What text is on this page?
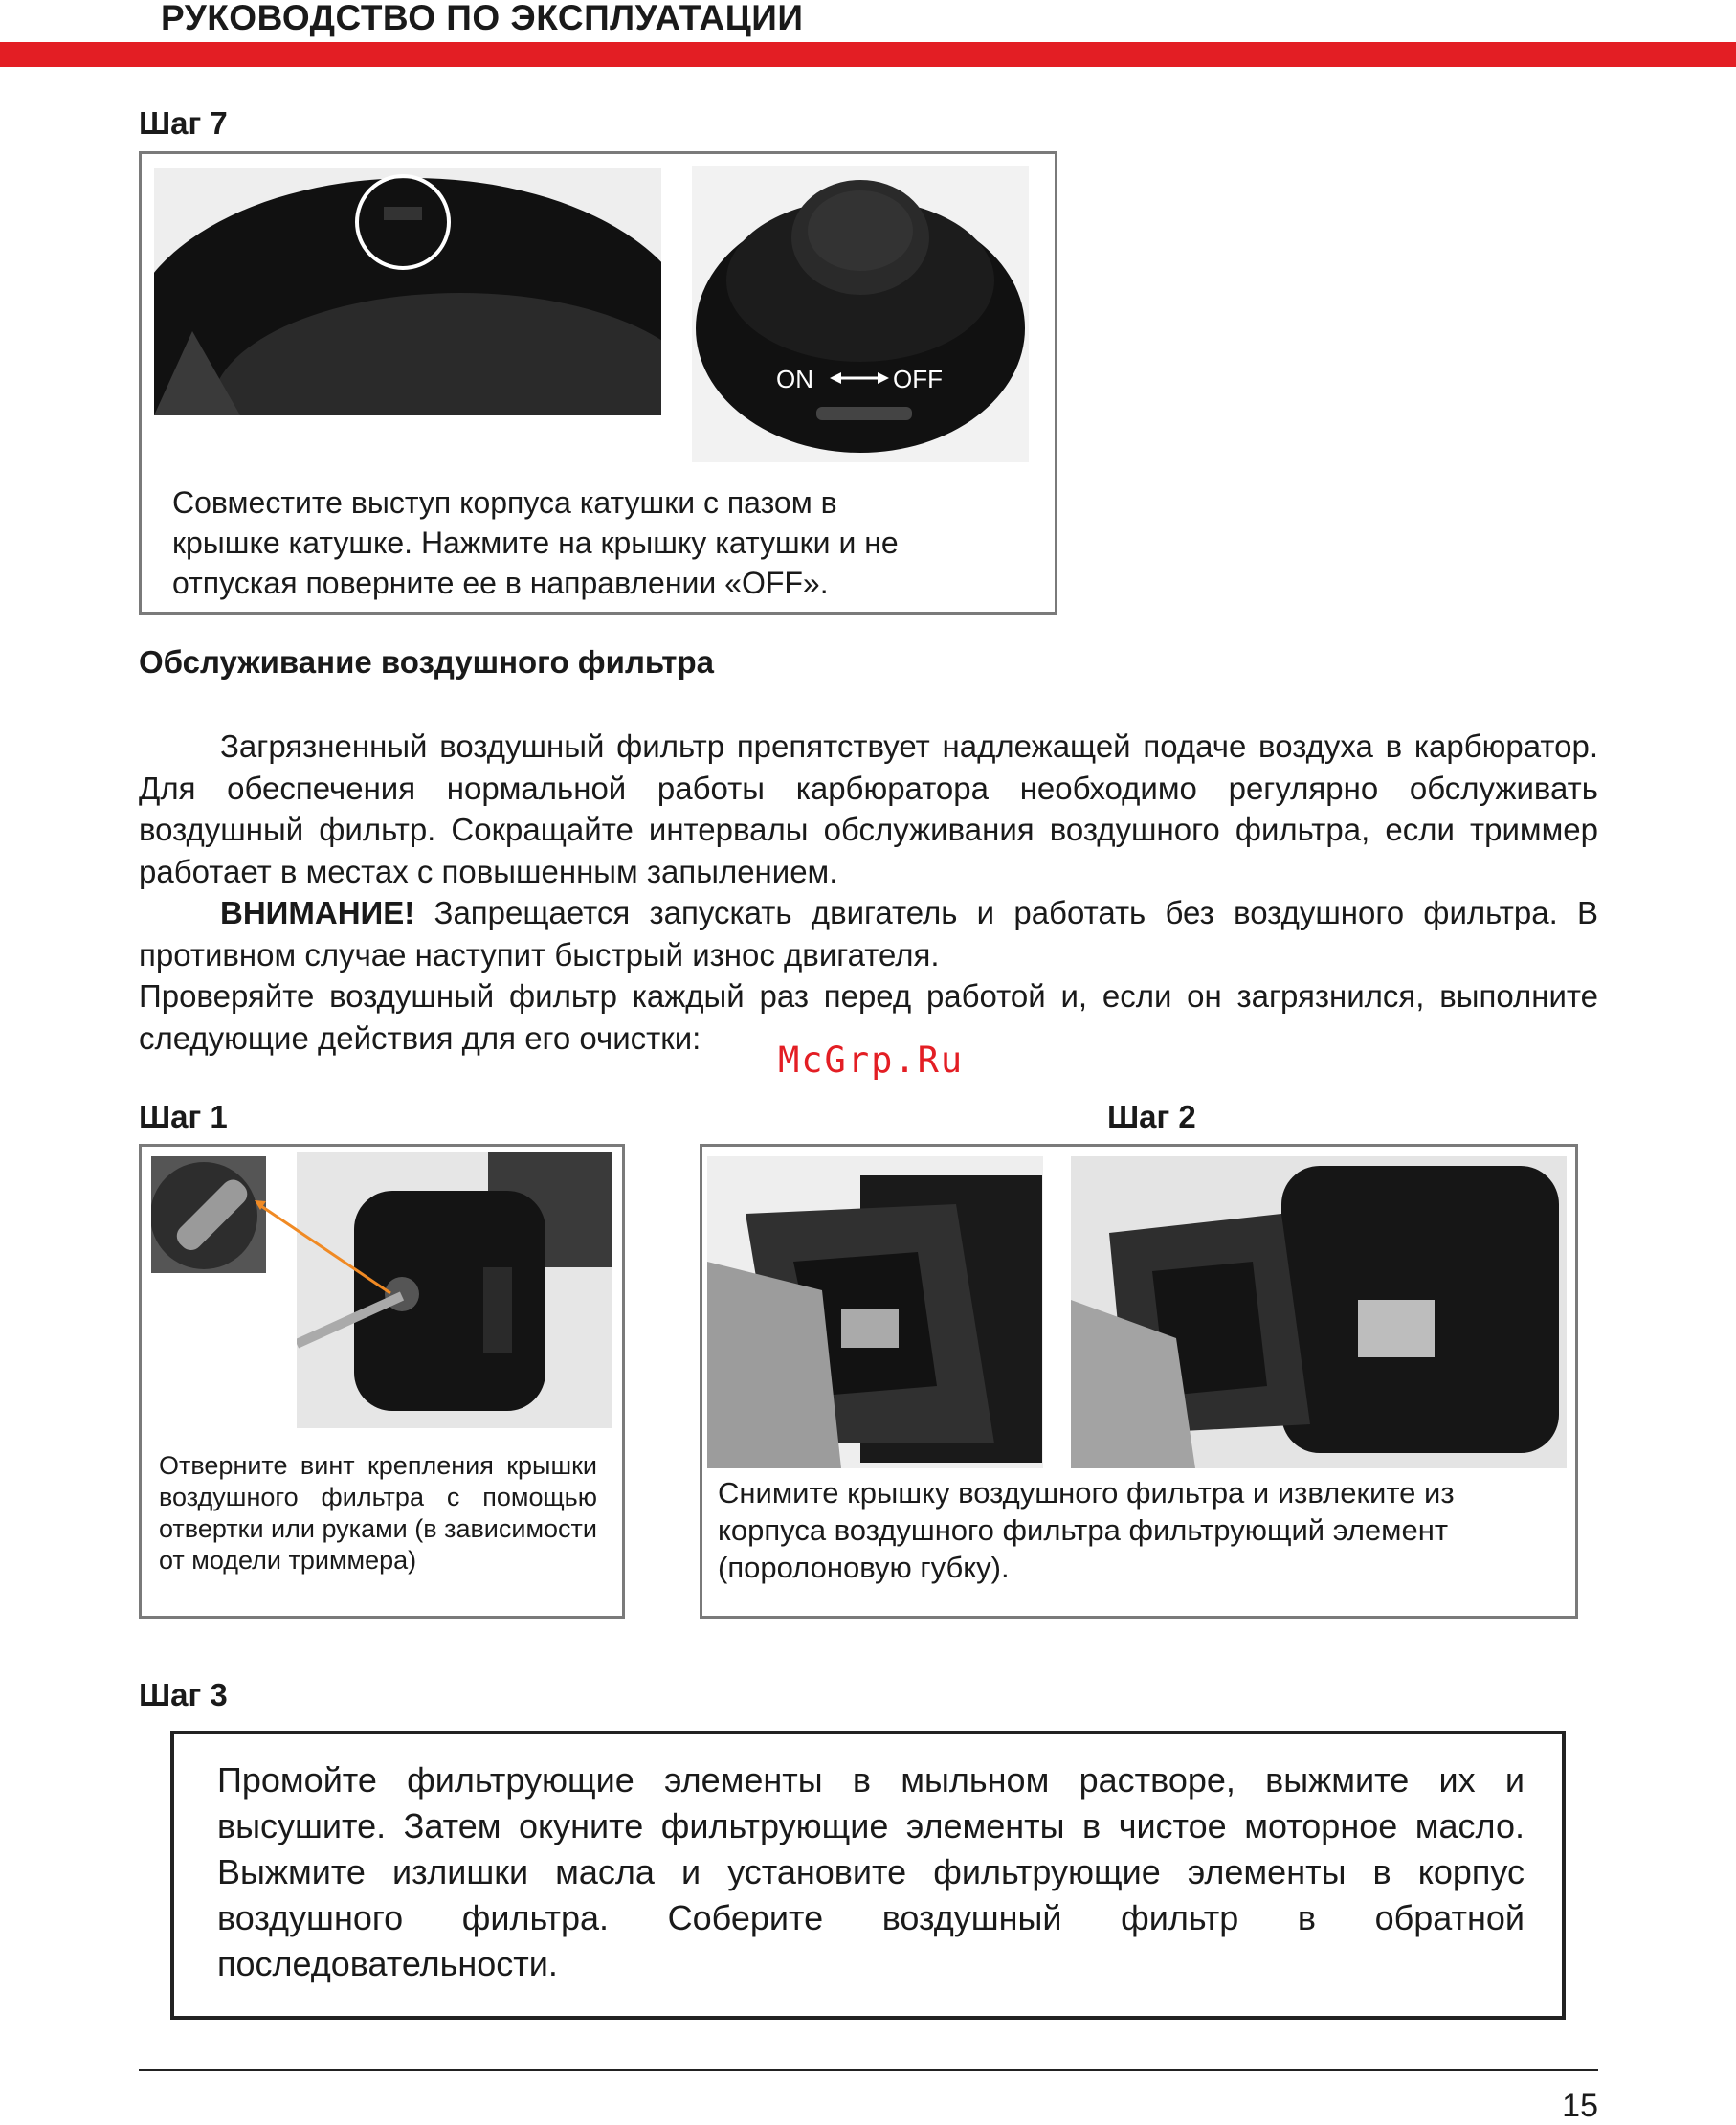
РУКОВОДСТВО ПО ЭКСПЛУАТАЦИИ
Шаг 7
ON	OFF
Совместите выступ корпуса катушки с пазом в
крышке катушке. Нажмите на крышку катушки и не
отпуская поверните ее в направлении «OFF».
Обслуживание воздушного фильтра
Загрязненный воздушный фильтр препятствует надлежащей подаче воздуха в карбюратор. Для обеспечения нормальной работы карбюратора необходимо регулярно обслуживать воздушный фильтр. Сокращайте интервалы обслуживания воздушного фильтра, если триммер работает в местах с повышенным запылением.
ВНИМАНИЕ! Запрещается запускать двигатель и работать без воздушного фильтра. В противном случае наступит быстрый износ двигателя.
Проверяйте воздушный фильтр каждый раз перед работой и, если он загрязнился, выполните следующие действия для его очистки:
McGrp.Ru
Шаг 1
Отверните винт крепления крышки воздушного фильтра с помощью отвертки или руками (в зависимости от модели триммера)
Шаг 2
Снимите крышку воздушного фильтра и извлеките из
корпуса воздушного фильтра фильтрующий элемент
(поролоновую губку).
Шаг 3
Промойте фильтрующие элементы в мыльном растворе, выжмите их и высушите. Затем окуните фильтрующие элементы в чистое моторное масло. Выжмите излишки масла и установите фильтрующие элементы в корпус воздушного фильтра. Соберите воздушный фильтр в обратной последовательности.
15
